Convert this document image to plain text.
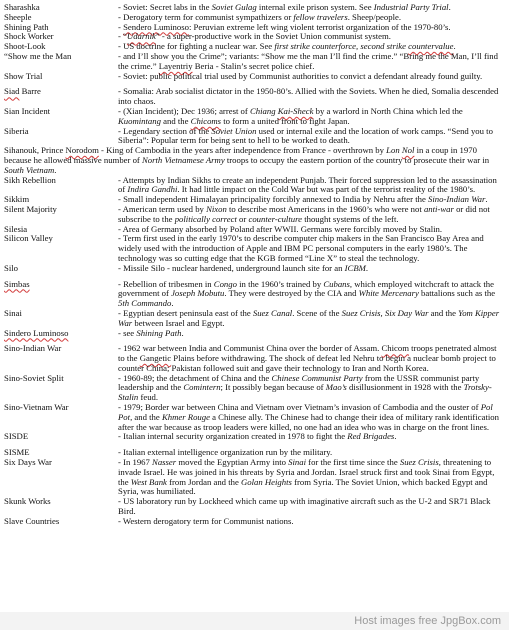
Sharashka	- Soviet: Secret labs in the Soviet Gulag internal exile prison system. See Industrial Party Trial.
Sheeple	- Derogatory term for communist sympathizers or fellow travelers. Sheep/people.
Shining Path	- Sendero Luminoso: Peruvian extreme left wing violent terrorist organization of the 1970-80’s.
Shock Worker	- “Udarnik” - a super-productive work in the Soviet Union communist system.
Shoot-Look	- US doctrine for fighting a nuclear war. See first strike counterforce, second strike countervalue.
“Show me the Man	- and I’ll show you the Crime”; variants: “Show me the man I’ll find the crime.” “Bring me the Man, I’ll find the crime.” Layentriy Beria - Stalin’s secret police chief.
Show Trial	- Soviet: public political trial used by Communist authorities to convict a defendant already found guilty.
Siad Barre	- Somalia: Arab socialist dictator in the 1950-80’s. Allied with the Soviets. When he died, Somalia descended into chaos.
Sian Incident	- (Xian Incident); Dec 1936; arrest of Chiang Kai-Sheck by a warlord in North China which led the Kuomintang and the Chicoms to form a united front to fight Japan.
Siberia	- Legendary section of the Soviet Union used or internal exile and the location of work camps. “Send you to Siberia”: Popular term for being sent to hell to be worked to death.
Sihanouk, Prince Norodom - King of Cambodia in the years after independence from France - overthrown by Lon Nol in a coup in 1970 because he allowed massive number of North Vietnamese Army troops to occupy the eastern portion of the country to prosecute their war in South Vietnam.
Sikh Rebellion	- Attempts by Indian Sikhs to create an independent Punjab. Their forced suppression led to the assassination of Indira Gandhi. It had little impact on the Cold War but was part of the terrorist reality of the 1980’s.
Sikkim	- Small independent Himalayan principality forcibly annexed to India by Nehru after the Sino-Indian War.
Silent Majority	- American term used by Nixon to describe most Americans in the 1960’s who were not anti-war or did not subscribe to the politically correct or counter-culture thought systems of the left.
Silesia	- Area of Germany absorbed by Poland after WWII. Germans were forcibly moved by Stalin.
Silicon Valley	- Term first used in the early 1970’s to describe computer chip makers in the San Francisco Bay Area and widely used with the introduction of Apple and IBM PC personal computers in the early 1980’s. The technology was so cutting edge that the KGB formed “Line X” to steal the technology.
Silo	- Missile Silo - nuclear hardened, underground launch site for an ICBM.
Simbas	- Rebellion of tribesmen in Congo in the 1960’s trained by Cubans, which employed witchcraft to attack the government of Joseph Mobutu. They were destroyed by the CIA and White Mercenary battalions such as the 5th Commando.
Sinai	- Egyptian desert peninsula east of the Suez Canal. Scene of the Suez Crisis, Six Day War and the Yom Kipper War between Israel and Egypt.
Sindero Luminoso	- see Shining Path.
Sino-Indian War	- 1962 war between India and Communist China over the border of Assam. Chicom troops penetrated almost to the Gangetic Plains before withdrawing. The shock of defeat led Nehru to begin a nuclear bomb project to counter China; Pakistan followed suit and gave their technology to Iran and North Korea.
Sino-Soviet Split	- 1960-89; the detachment of China and the Chinese Communist Party from the USSR communist party leadership and the Comintern; It possibly began because of Mao’s disillusionment in 1928 with the Trotsky-Stalin feud.
Sino-Vietnam War	- 1979; Border war between China and Vietnam over Vietnam’s invasion of Cambodia and the ouster of Pol Pot, and the Khmer Rouge a Chinese ally. The Chinese had to change their idea of military rank identification after the war because as troop leaders were killed, no one had an idea who was in charge on the front lines.
SISDE	- Italian internal security organization created in 1978 to fight the Red Brigades.
SISME	- Italian external intelligence organization run by the military.
Six Days War	- In 1967 Nasser moved the Egyptian Army into Sinai for the first time since the Suez Crisis, threatening to invade Israel. He was joined in his threats by Syria and Jordan. Israel struck first and took Sinai from Egypt, the West Bank from Jordan and the Golan Heights from Syria. The Soviet Union, which backed Egypt and Syria, was humiliated.
Skunk Works	- US laboratory run by Lockheed which came up with imaginative aircraft such as the U-2 and SR71 Black Bird.
Slave Countries	- Western derogatory term for Communist nations.
Host images free JpgBox.com
